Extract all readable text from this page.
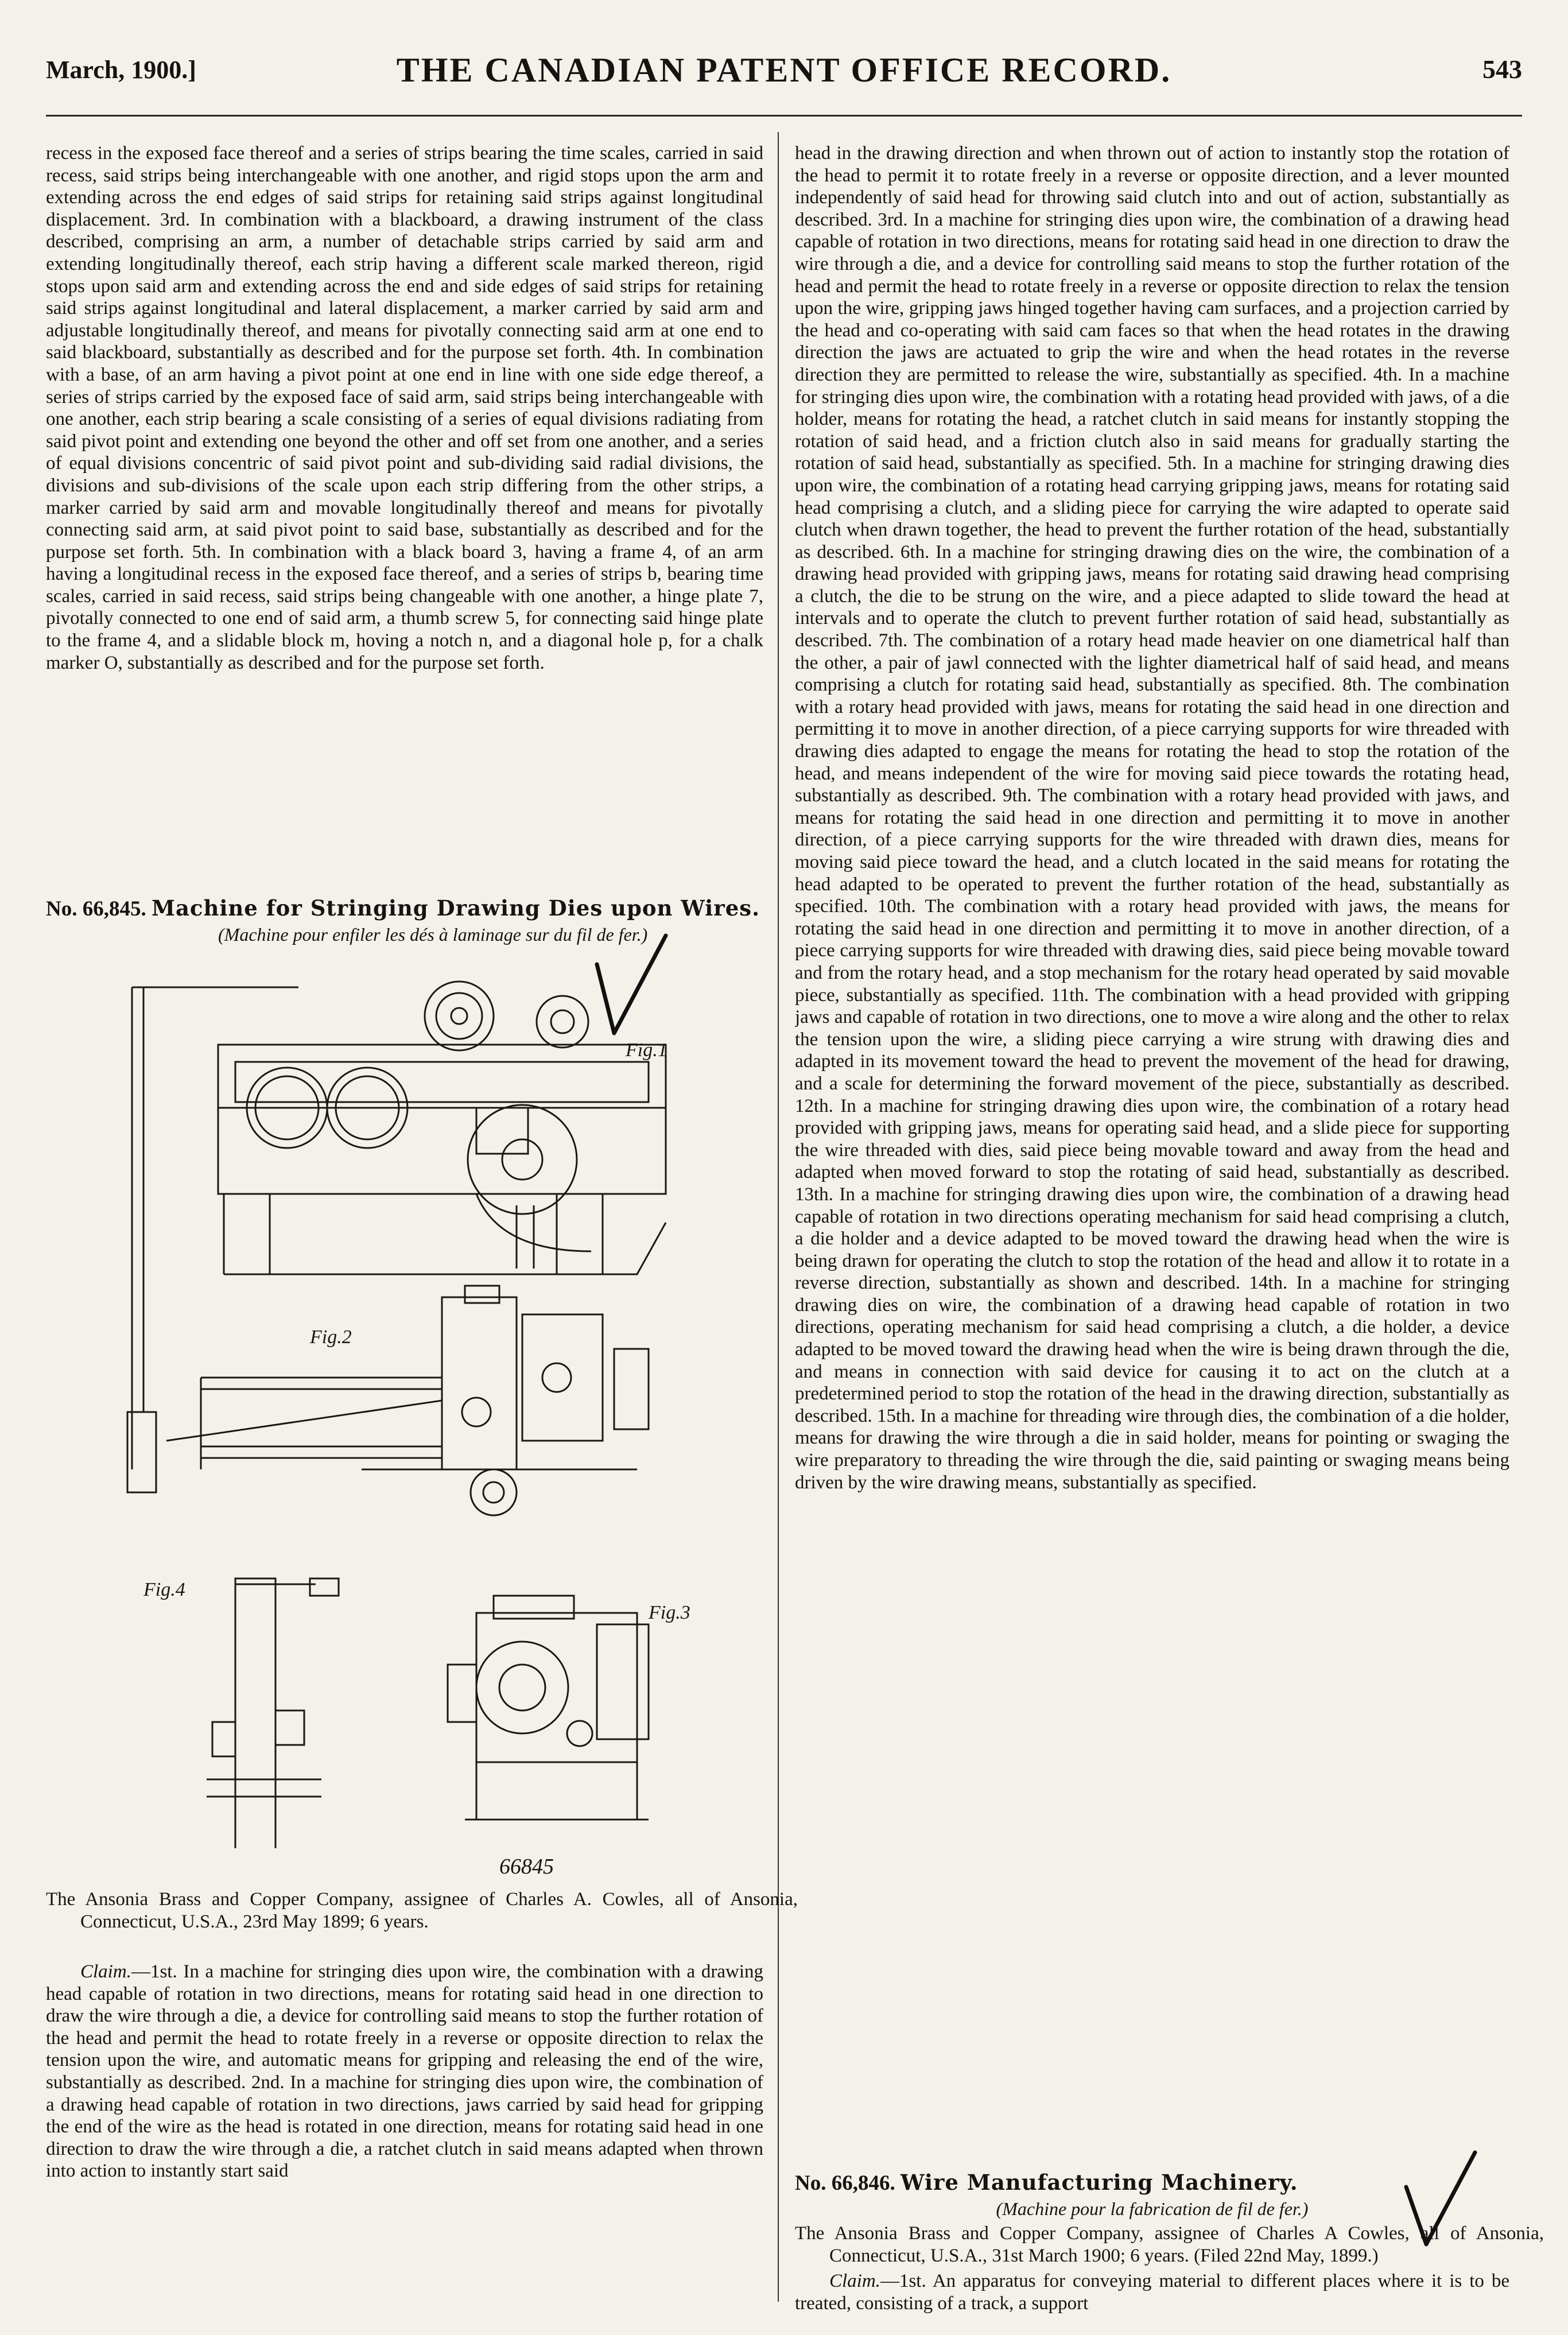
March, 1900.]	THE CANADIAN PATENT OFFICE RECORD.	543

recess in the exposed face thereof and a series of strips bearing the time scales, carried in said recess, said strips being interchangeable with one another, and rigid stops upon the arm and extending across the end edges of said strips for retaining said strips against longitudinal displacement. 3rd. In combination with a blackboard, a drawing instrument of the class described, comprising an arm, a number of detachable strips carried by said arm and extending longitudinally thereof, each strip having a different scale marked thereon, rigid stops upon said arm and extending across the end and side edges of said strips for retaining said strips against longitudinal and lateral displacement, a marker carried by said arm and adjustable longitudinally thereof, and means for pivotally connecting said arm at one end to said blackboard, substantially as described and for the purpose set forth. 4th. In combination with a base, of an arm having a pivot point at one end in line with one side edge thereof, a series of strips carried by the exposed face of said arm, said strips being interchangeable with one another, each strip bearing a scale consisting of a series of equal divisions radiating from said pivot point and extending one beyond the other and off set from one another, and a series of equal divisions concentric of said pivot point and sub-dividing said radial divisions, the divisions and sub-divisions of the scale upon each strip differing from the other strips, a marker carried by said arm and movable longitudinally thereof and means for pivotally connecting said arm, at said pivot point to said base, substantially as described and for the purpose set forth. 5th. In combination with a black board 3, having a frame 4, of an arm having a longitudinal recess in the exposed face thereof, and a series of strips b, bearing time scales, carried in said recess, said strips being changeable with one another, a hinge plate 7, pivotally connected to one end of said arm, a thumb screw 5, for connecting said hinge plate to the frame 4, and a slidable block m, hoving a notch n, and a diagonal hole p, for a chalk marker O, substantially as described and for the purpose set forth.

No. 66,845. Machine for Stringing Drawing Dies upon Wires.
(Machine pour enfiler les dés à laminage sur du fil de fer.)
Fig.1
Fig.2
Fig.3
Fig.4
66845
The Ansonia Brass and Copper Company, assignee of Charles A. Cowles, all of Ansonia, Connecticut, U.S.A., 23rd May 1899; 6 years.
Claim.—1st. In a machine for stringing dies upon wire, the combination with a drawing head capable of rotation in two directions, means for rotating said head in one direction to draw the wire through a die, a device for controlling said means to stop the further rotation of the head and permit the head to rotate freely in a reverse or opposite direction to relax the tension upon the wire, and automatic means for gripping and releasing the end of the wire, substantially as described. 2nd. In a machine for stringing dies upon wire, the combination of a drawing head capable of rotation in two directions, jaws carried by said head for gripping the end of the wire as the head is rotated in one direction, means for rotating said head in one direction to draw the wire through a die, a ratchet clutch in said means adapted when thrown into action to instantly start said

head in the drawing direction and when thrown out of action to instantly stop the rotation of the head to permit it to rotate freely in a reverse or opposite direction, and a lever mounted independently of said head for throwing said clutch into and out of action, substantially as described. 3rd. In a machine for stringing dies upon wire, the combination of a drawing head capable of rotation in two directions, means for rotating said head in one direction to draw the wire through a die, and a device for controlling said means to stop the further rotation of the head and permit the head to rotate freely in a reverse or opposite direction to relax the tension upon the wire, gripping jaws hinged together having cam surfaces, and a projection carried by the head and co-operating with said cam faces so that when the head rotates in the drawing direction the jaws are actuated to grip the wire and when the head rotates in the reverse direction they are permitted to release the wire, substantially as specified. 4th. In a machine for stringing dies upon wire, the combination with a rotating head provided with jaws, of a die holder, means for rotating the head, a ratchet clutch in said means for instantly stopping the rotation of said head, and a friction clutch also in said means for gradually starting the rotation of said head, substantially as specified. 5th. In a machine for stringing drawing dies upon wire, the combination of a rotating head carrying gripping jaws, means for rotating said head comprising a clutch, and a sliding piece for carrying the wire adapted to operate said clutch when drawn together, the head to prevent the further rotation of the head, substantially as described. 6th. In a machine for stringing drawing dies on the wire, the combination of a drawing head provided with gripping jaws, means for rotating said drawing head comprising a clutch, the die to be strung on the wire, and a piece adapted to slide toward the head at intervals and to operate the clutch to prevent further rotation of said head, substantially as described. 7th. The combination of a rotary head made heavier on one diametrical half than the other, a pair of jawl connected with the lighter diametrical half of said head, and means comprising a clutch for rotating said head, substantially as specified. 8th. The combination with a rotary head provided with jaws, means for rotating the said head in one direction and permitting it to move in another direction, of a piece carrying supports for wire threaded with drawing dies adapted to engage the means for rotating the head to stop the rotation of the head, and means independent of the wire for moving said piece towards the rotating head, substantially as described. 9th. The combination with a rotary head provided with jaws, and means for rotating the said head in one direction and permitting it to move in another direction, of a piece carrying supports for the wire threaded with drawn dies, means for moving said piece toward the head, and a clutch located in the said means for rotating the head adapted to be operated to prevent the further rotation of the head, substantially as specified. 10th. The combination with a rotary head provided with jaws, the means for rotating the said head in one direction and permitting it to move in another direction, of a piece carrying supports for wire threaded with drawing dies, said piece being movable toward and from the rotary head, and a stop mechanism for the rotary head operated by said movable piece, substantially as specified. 11th. The combination with a head provided with gripping jaws and capable of rotation in two directions, one to move a wire along and the other to relax the tension upon the wire, a sliding piece carrying a wire strung with drawing dies and adapted in its movement toward the head to prevent the movement of the head for drawing, and a scale for determining the forward movement of the piece, substantially as described. 12th. In a machine for stringing drawing dies upon wire, the combination of a rotary head provided with gripping jaws, means for operating said head, and a slide piece for supporting the wire threaded with dies, said piece being movable toward and away from the head and adapted when moved forward to stop the rotating of said head, substantially as described. 13th. In a machine for stringing drawing dies upon wire, the combination of a drawing head capable of rotation in two directions operating mechanism for said head comprising a clutch, a die holder and a device adapted to be moved toward the drawing head when the wire is being drawn for operating the clutch to stop the rotation of the head and allow it to rotate in a reverse direction, substantially as shown and described. 14th. In a machine for stringing drawing dies on wire, the combination of a drawing head capable of rotation in two directions, operating mechanism for said head comprising a clutch, a die holder, a device adapted to be moved toward the drawing head when the wire is being drawn through the die, and means in connection with said device for causing it to act on the clutch at a predetermined period to stop the rotation of the head in the drawing direction, substantially as described. 15th. In a machine for threading wire through dies, the combination of a die holder, means for drawing the wire through a die in said holder, means for pointing or swaging the wire preparatory to threading the wire through the die, said painting or swaging means being driven by the wire drawing means, substantially as specified.

No. 66,846. Wire Manufacturing Machinery.
(Machine pour la fabrication de fil de fer.)
The Ansonia Brass and Copper Company, assignee of Charles A Cowles, all of Ansonia, Connecticut, U.S.A., 31st March 1900; 6 years. (Filed 22nd May, 1899.)
Claim.—1st. An apparatus for conveying material to different places where it is to be treated, consisting of a track, a support
